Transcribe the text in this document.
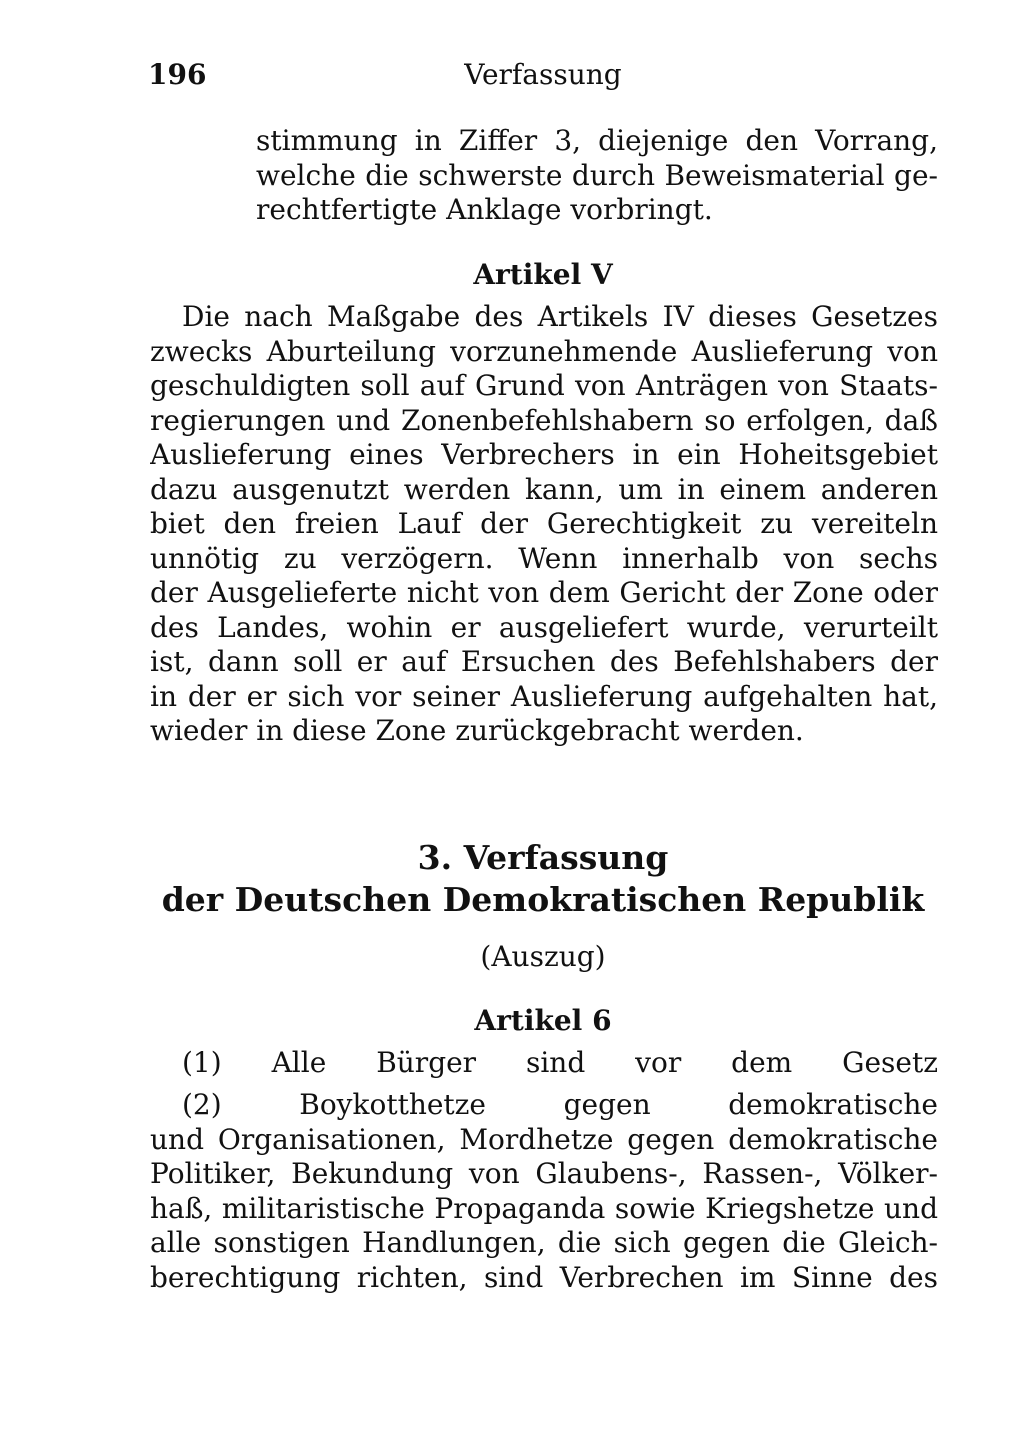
196	Verfassung
stimmung in Ziffer 3, diejenige den Vorrang,
welche die schwerste durch Beweismaterial ge-
rechtfertigte Anklage vorbringt.
Artikel V
Die nach Maßgabe des Artikels IV dieses Gesetzes
zwecks Aburteilung vorzunehmende Auslieferung von
geschuldigten soll auf Grund von Anträgen von Staats-
regierungen und Zonenbefehlshabern so erfolgen, daß
Auslieferung eines Verbrechers in ein Hoheitsgebiet
dazu ausgenutzt werden kann, um in einem anderen
biet den freien Lauf der Gerechtigkeit zu vereiteln
unnötig zu verzögern. Wenn innerhalb von sechs
der Ausgelieferte nicht von dem Gericht der Zone oder
des Landes, wohin er ausgeliefert wurde, verurteilt
ist, dann soll er auf Ersuchen des Befehlshabers der
in der er sich vor seiner Auslieferung aufgehalten hat,
wieder in diese Zone zurückgebracht werden.
3. Verfassung
der Deutschen Demokratischen Republik
(Auszug)
Artikel 6
(1) Alle Bürger sind vor dem Gesetz
(2) Boykotthetze gegen demokratische
und Organisationen, Mordhetze gegen demokratische
Politiker, Bekundung von Glaubens-, Rassen-, Völker-
haß, militaristische Propaganda sowie Kriegshetze und
alle sonstigen Handlungen, die sich gegen die Gleich-
berechtigung richten, sind Verbrechen im Sinne des
